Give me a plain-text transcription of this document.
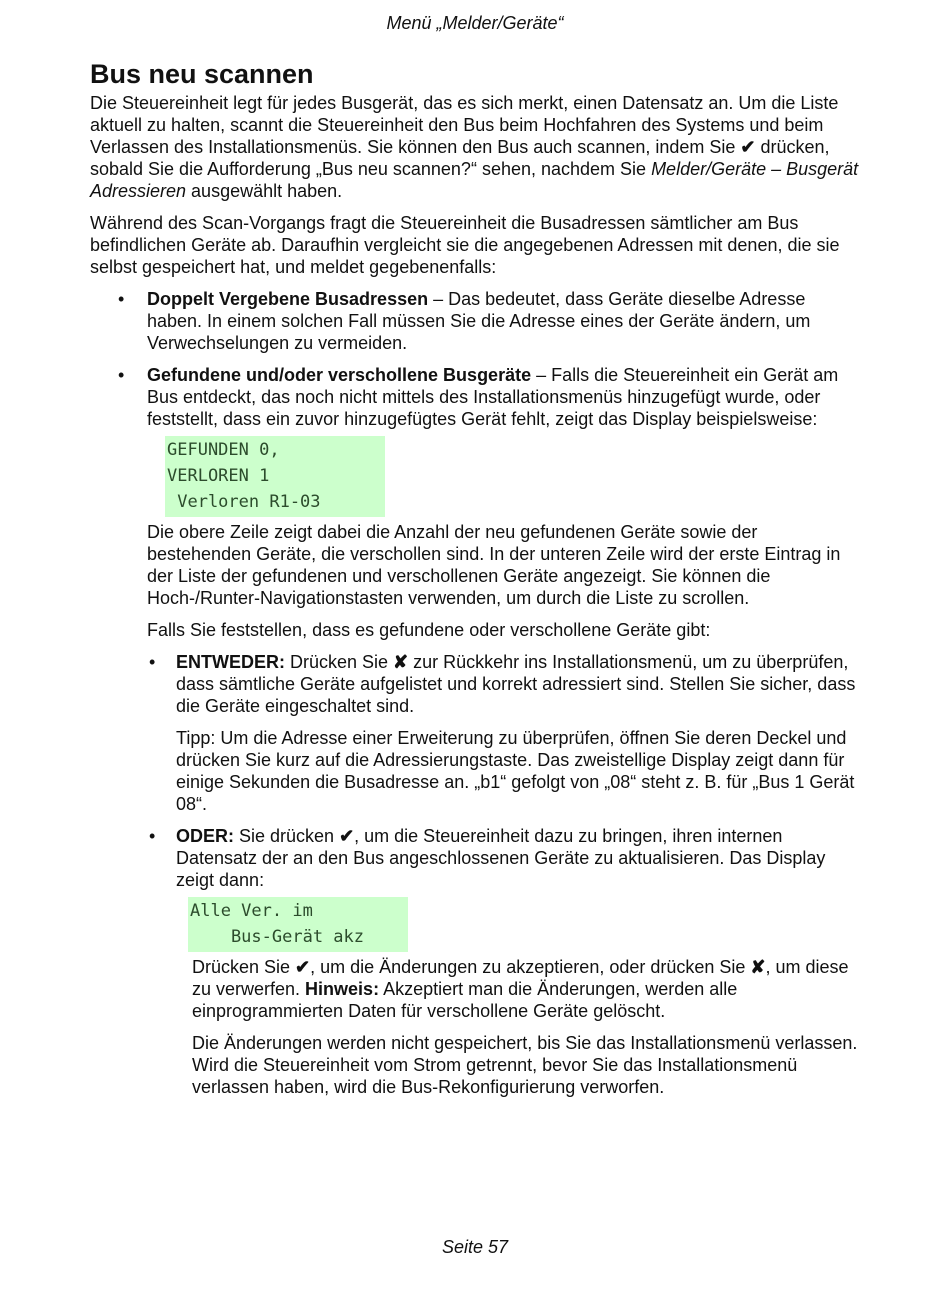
Menü „Melder/Geräte“
Bus neu scannen

Die Steuereinheit legt für jedes Busgerät, das es sich merkt, einen Datensatz an. Um die Liste aktuell zu halten, scannt die Steuereinheit den Bus beim Hochfahren des Systems und beim Verlassen des Installationsmenüs. Sie können den Bus auch scannen, indem Sie ✔ drücken, sobald Sie die Aufforderung „Bus neu scannen?“ sehen, nachdem Sie Melder/Geräte – Busgerät Adressieren ausgewählt haben.

Während des Scan-Vorgangs fragt die Steuereinheit die Busadressen sämtlicher am Bus befindlichen Geräte ab. Daraufhin vergleicht sie die angegebenen Adressen mit denen, die sie selbst gespeichert hat, und meldet gegebenenfalls:

• Doppelt Vergebene Busadressen – Das bedeutet, dass Geräte dieselbe Adresse haben. In einem solchen Fall müssen Sie die Adresse eines der Geräte ändern, um Verwechselungen zu vermeiden.
• Gefundene und/oder verschollene Busgeräte – Falls die Steuereinheit ein Gerät am Bus entdeckt, das noch nicht mittels des Installationsmenüs hinzugefügt wurde, oder feststellt, dass ein zuvor hinzugefügtes Gerät fehlt, zeigt das Display beispielsweise:
GEFUNDEN 0,
VERLOREN 1
Verloren R1-03

Die obere Zeile zeigt dabei die Anzahl der neu gefundenen Geräte sowie der bestehenden Geräte, die verschollen sind. In der unteren Zeile wird der erste Eintrag in der Liste der gefundenen und verschollenen Geräte angezeigt. Sie können die Hoch-/Runter-Navigationstasten verwenden, um durch die Liste zu scrollen.

Falls Sie feststellen, dass es gefundene oder verschollene Geräte gibt:

• ENTWEDER: Drücken Sie ✘ zur Rückkehr ins Installationsmenü, um zu überprüfen, dass sämtliche Geräte aufgelistet und korrekt adressiert sind. Stellen Sie sicher, dass die Geräte eingeschaltet sind.

Tipp: Um die Adresse einer Erweiterung zu überprüfen, öffnen Sie deren Deckel und drücken Sie kurz auf die Adressierungstaste. Das zweistellige Display zeigt dann für einige Sekunden die Busadresse an. „b1“ gefolgt von „08“ steht z. B. für „Bus 1 Gerät 08“.

• ODER: Sie drücken ✔, um die Steuereinheit dazu zu bringen, ihren internen Datensatz der an den Bus angeschlossenen Geräte zu aktualisieren. Das Display zeigt dann:
Alle Ver. im
Bus-Gerät akz

Drücken Sie ✔, um die Änderungen zu akzeptieren, oder drücken Sie ✘, um diese zu verwerfen. Hinweis: Akzeptiert man die Änderungen, werden alle einprogrammierten Daten für verschollene Geräte gelöscht.

Die Änderungen werden nicht gespeichert, bis Sie das Installationsmenü verlassen. Wird die Steuereinheit vom Strom getrennt, bevor Sie das Installationsmenü verlassen haben, wird die Bus-Rekonfigurierung verworfen.

Seite 57
